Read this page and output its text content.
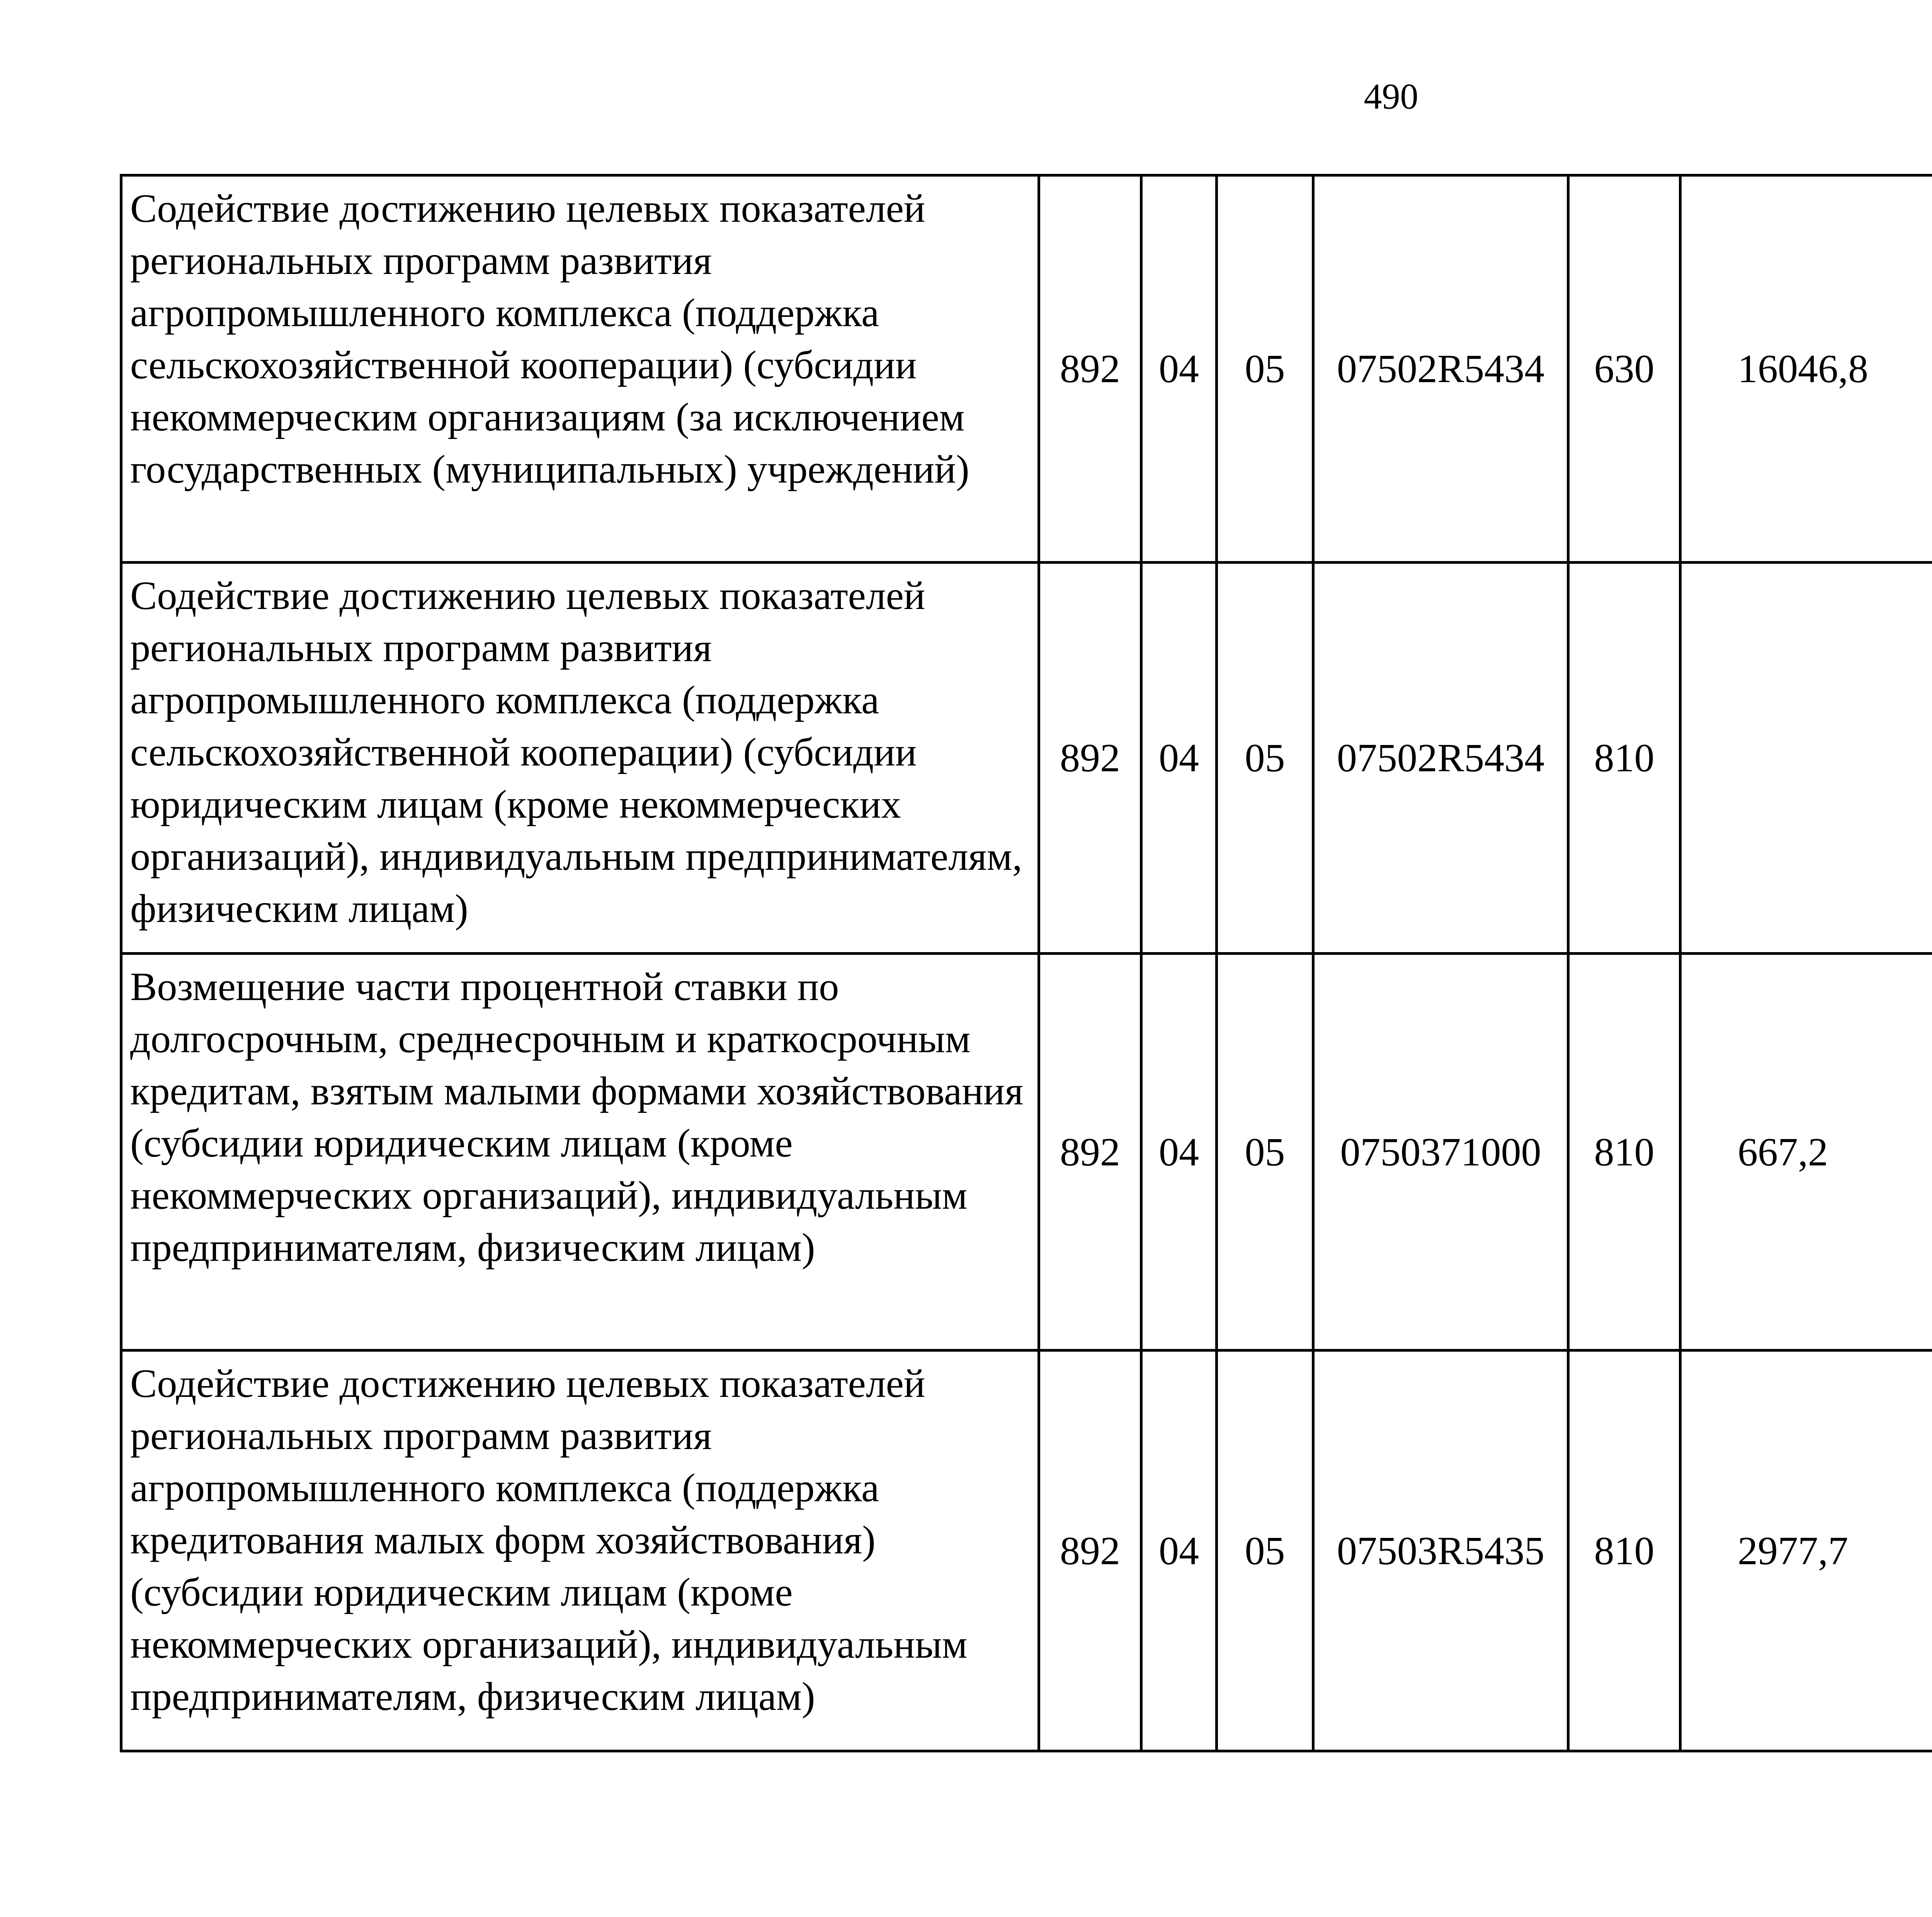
490
Содействие достижению целевых показателей региональных программ развития агропромышленного комплекса (поддержка сельскохозяйственной кооперации) (субсидии некоммерческим организациям (за исключением государственных (муниципальных) учреждений)	892	04	05	07502R5434	630	16046,8		
Содействие достижению целевых показателей региональных программ развития агропромышленного комплекса (поддержка сельскохозяйственной кооперации) (субсидии юридическим лицам (кроме некоммерческих организаций), индивидуальным предпринимателям, физическим лицам)	892	04	05	07502R5434	810			
Возмещение части процентной ставки по долгосрочным, среднесрочным и краткосрочным кредитам, взятым малыми формами хозяйствования (субсидии юридическим лицам (кроме некоммерческих организаций), индивидуальным предпринимателям, физическим лицам)	892	04	05	0750371000	810	667,2		
Содействие достижению целевых показателей региональных программ развития агропромышленного комплекса (поддержка кредитования малых форм хозяйствования) (субсидии юридическим лицам (кроме некоммерческих организаций), индивидуальным предпринимателям, физическим лицам)	892	04	05	07503R5435	810	2977,7		
